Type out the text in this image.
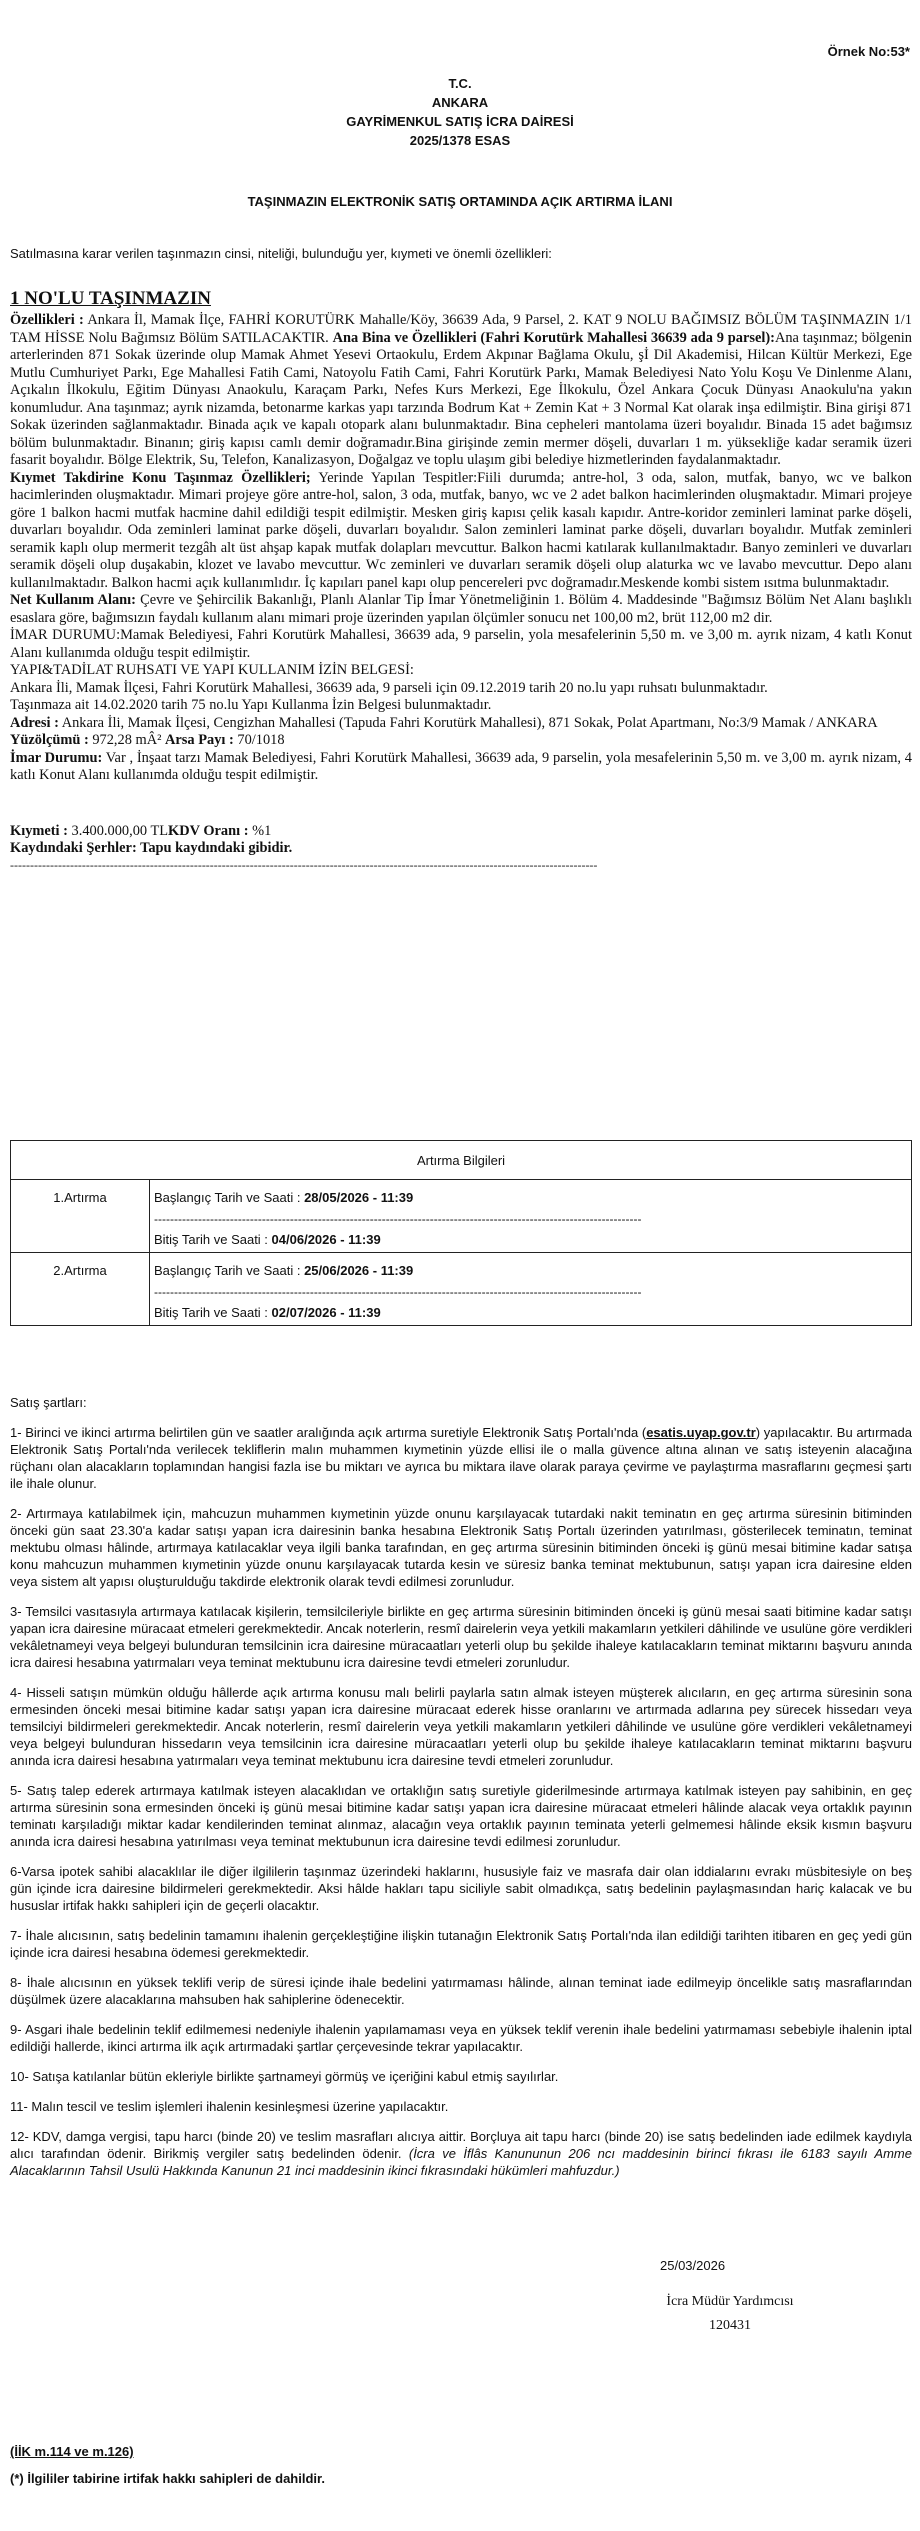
Örnek No:53*
T.C.
ANKARA
GAYRİMENKUL SATIŞ İCRA DAİRESİ
2025/1378 ESAS
TAŞINMAZIN ELEKTRONİK SATIŞ ORTAMINDA AÇIK ARTIRMA İLANI
Satılmasına karar verilen taşınmazın cinsi, niteliği, bulunduğu yer, kıymeti ve önemli özellikleri:
1 NO'LU TAŞINMAZIN

Özellikleri : Ankara İl, Mamak İlçe, FAHRİ KORUTÜRK Mahalle/Köy, 36639 Ada, 9 Parsel, 2. KAT 9 NOLU BAĞIMSIZ BÖLÜM TAŞINMAZIN 1/1 TAM HİSSE Nolu Bağımsız Bölüm SATILACAKTIR. Ana Bina ve Özellikleri (Fahri Korutürk Mahallesi 36639 ada 9 parsel):Ana taşınmaz; bölgenin arterlerinden 871 Sokak üzerinde olup Mamak Ahmet Yesevi Ortaokulu, Erdem Akpınar Bağlama Okulu, şİ Dil Akademisi, Hilcan Kültür Merkezi, Ege Mutlu Cumhuriyet Parkı, Ege Mahallesi Fatih Cami, Natoyolu Fatih Cami, Fahri Korutürk Parkı, Mamak Belediyesi Nato Yolu Koşu Ve Dinlenme Alanı, Açıkalın İlkokulu, Eğitim Dünyası Anaokulu, Karaçam Parkı, Nefes Kurs Merkezi, Ege İlkokulu, Özel Ankara Çocuk Dünyası Anaokulu'na yakın konumludur. Ana taşınmaz; ayrık nizamda, betonarme karkas yapı tarzında Bodrum Kat + Zemin Kat + 3 Normal Kat olarak inşa edilmiştir. Bina girişi 871 Sokak üzerinden sağlanmaktadır. Binada açık ve kapalı otopark alanı bulunmaktadır. Bina cepheleri mantolama üzeri boyalıdır. Binada 15 adet bağımsız bölüm bulunmaktadır. Binanın; giriş kapısı camlı demir doğramadır.Bina girişinde zemin mermer döşeli, duvarları 1 m. yüksekliğe kadar seramik üzeri fasarit boyalıdır. Bölge Elektrik, Su, Telefon, Kanalizasyon, Doğalgaz ve toplu ulaşım gibi belediye hizmetlerinden faydalanmaktadır.

Kıymet Takdirine Konu Taşınmaz Özellikleri; Yerinde Yapılan Tespitler:Fiili durumda; antre-hol, 3 oda, salon, mutfak, banyo, wc ve balkon hacimlerinden oluşmaktadır. Mimari projeye göre antre-hol, salon, 3 oda, mutfak, banyo, wc ve 2 adet balkon hacimlerinden oluşmaktadır. Mimari projeye göre 1 balkon hacmi mutfak hacmine dahil edildiği tespit edilmiştir. Mesken giriş kapısı çelik kasalı kapıdır. Antre-koridor zeminleri laminat parke döşeli, duvarları boyalıdır. Oda zeminleri laminat parke döşeli, duvarları boyalıdır. Salon zeminleri laminat parke döşeli, duvarları boyalıdır. Mutfak zeminleri seramik kaplı olup mermerit tezgâh alt üst ahşap kapak mutfak dolapları mevcuttur. Balkon hacmi katılarak kullanılmaktadır. Banyo zeminleri ve duvarları seramik döşeli olup duşakabin, klozet ve lavabo mevcuttur. Wc zeminleri ve duvarları seramik döşeli olup alaturka wc ve lavabo mevcuttur. Depo alanı kullanılmaktadır. Balkon hacmi açık kullanımlıdır. İç kapıları panel kapı olup pencereleri pvc doğramadır.Meskende kombi sistem ısıtma bulunmaktadır.

Net Kullanım Alanı: Çevre ve Şehircilik Bakanlığı, Planlı Alanlar Tip İmar Yönetmeliğinin 1. Bölüm 4. Maddesinde "Bağımsız Bölüm Net Alanı başlıklı esaslara göre, bağımsızın faydalı kullanım alanı mimari proje üzerinden yapılan ölçümler sonucu net 100,00 m2, brüt 112,00 m2 dir.

İMAR DURUMU:Mamak Belediyesi, Fahri Korutürk Mahallesi, 36639 ada, 9 parselin, yola mesafelerinin 5,50 m. ve 3,00 m. ayrık nizam, 4 katlı Konut Alanı kullanımda olduğu tespit edilmiştir.

YAPI&TADİLAT RUHSATI VE YAPI KULLANIM İZİN BELGESİ:

Ankara İli, Mamak İlçesi, Fahri Korutürk Mahallesi, 36639 ada, 9 parseli için 09.12.2019 tarih 20 no.lu yapı ruhsatı bulunmaktadır.

Taşınmaza ait 14.02.2020 tarih 75 no.lu Yapı Kullanma İzin Belgesi bulunmaktadır.

Adresi : Ankara İli, Mamak İlçesi, Cengizhan Mahallesi (Tapuda Fahri Korutürk Mahallesi), 871 Sokak, Polat Apartmanı, No:3/9 Mamak / ANKARA

Yüzölçümü : 972,28 mÂ² Arsa Payı : 70/1018

İmar Durumu: Var , İnşaat tarzı Mamak Belediyesi, Fahri Korutürk Mahallesi, 36639 ada, 9 parselin, yola mesafelerinin 5,50 m. ve 3,00 m. ayrık nizam, 4 katlı Konut Alanı kullanımda olduğu tespit edilmiştir.

Kıymeti : 3.400.000,00 TLKDV Oranı : %1

Kaydındaki Şerhler: Tapu kaydındaki gibidir.

---------------------------------------------------------------------------------------------------------------------------------------------------
Artırma Bilgileri	
1.Artırma	Başlangıç Tarih ve Saati : 28/05/2026 - 11:39
--------------------------------------------------------------------------------------------------------------------------
Bitiş Tarih ve Saati : 04/06/2026 - 11:39

2.Artırma	Başlangıç Tarih ve Saati : 25/06/2026 - 11:39
--------------------------------------------------------------------------------------------------------------------------
Bitiş Tarih ve Saati : 02/07/2026 - 11:39
Satış şartları:

1- Birinci ve ikinci artırma belirtilen gün ve saatler aralığında açık artırma suretiyle Elektronik Satış Portalı'nda (esatis.uyap.gov.tr) yapılacaktır. Bu artırmada Elektronik Satış Portalı'nda verilecek tekliflerin malın muhammen kıymetinin yüzde ellisi ile o malla güvence altına alınan ve satış isteyenin alacağına rüçhanı olan alacakların toplamından hangisi fazla ise bu miktarı ve ayrıca bu miktara ilave olarak paraya çevirme ve paylaştırma masraflarını geçmesi şartı ile ihale olunur.

2- Artırmaya katılabilmek için, mahcuzun muhammen kıymetinin yüzde onunu karşılayacak tutardaki nakit teminatın en geç artırma süresinin bitiminden önceki gün saat 23.30'a kadar satışı yapan icra dairesinin banka hesabına Elektronik Satış Portalı üzerinden yatırılması, gösterilecek teminatın, teminat mektubu olması hâlinde, artırmaya katılacaklar veya ilgili banka tarafından, en geç artırma süresinin bitiminden önceki iş günü mesai bitimine kadar satışa konu mahcuzun muhammen kıymetinin yüzde onunu karşılayacak tutarda kesin ve süresiz banka teminat mektubunun, satışı yapan icra dairesine elden veya sistem alt yapısı oluşturulduğu takdirde elektronik olarak tevdi edilmesi zorunludur.

3- Temsilci vasıtasıyla artırmaya katılacak kişilerin, temsilcileriyle birlikte en geç artırma süresinin bitiminden önceki iş günü mesai saati bitimine kadar satışı yapan icra dairesine müracaat etmeleri gerekmektedir. Ancak noterlerin, resmî dairelerin veya yetkili makamların yetkileri dâhilinde ve usulüne göre verdikleri vekâletnameyi veya belgeyi bulunduran temsilcinin icra dairesine müracaatları yeterli olup bu şekilde ihaleye katılacakların teminat miktarını başvuru anında icra dairesi hesabına yatırmaları veya teminat mektubunu icra dairesine tevdi etmeleri zorunludur.

4- Hisseli satışın mümkün olduğu hâllerde açık artırma konusu malı belirli paylarla satın almak isteyen müşterek alıcıların, en geç artırma süresinin sona ermesinden önceki mesai bitimine kadar satışı yapan icra dairesine müracaat ederek hisse oranlarını ve artırmada adlarına pey sürecek hissedarı veya temsilciyi bildirmeleri gerekmektedir. Ancak noterlerin, resmî dairelerin veya yetkili makamların yetkileri dâhilinde ve usulüne göre verdikleri vekâletnameyi veya belgeyi bulunduran hissedarın veya temsilcinin icra dairesine müracaatları yeterli olup bu şekilde ihaleye katılacakların teminat miktarını başvuru anında icra dairesi hesabına yatırmaları veya teminat mektubunu icra dairesine tevdi etmeleri zorunludur.

5- Satış talep ederek artırmaya katılmak isteyen alacaklıdan ve ortaklığın satış suretiyle giderilmesinde artırmaya katılmak isteyen pay sahibinin, en geç artırma süresinin sona ermesinden önceki iş günü mesai bitimine kadar satışı yapan icra dairesine müracaat etmeleri hâlinde alacak veya ortaklık payının teminatı karşıladığı miktar kadar kendilerinden teminat alınmaz, alacağın veya ortaklık payının teminata yeterli gelmemesi hâlinde eksik kısmın başvuru anında icra dairesi hesabına yatırılması veya teminat mektubunun icra dairesine tevdi edilmesi zorunludur.

6-Varsa ipotek sahibi alacaklılar ile diğer ilgililerin taşınmaz üzerindeki haklarını, hususiyle faiz ve masrafa dair olan iddialarını evrakı müsbitesiyle on beş gün içinde icra dairesine bildirmeleri gerekmektedir. Aksi hâlde hakları tapu siciliyle sabit olmadıkça, satış bedelinin paylaşmasından hariç kalacak ve bu hususlar irtifak hakkı sahipleri için de geçerli olacaktır.

7- İhale alıcısının, satış bedelinin tamamını ihalenin gerçekleştiğine ilişkin tutanağın Elektronik Satış Portalı'nda ilan edildiği tarihten itibaren en geç yedi gün içinde icra dairesi hesabına ödemesi gerekmektedir.

8- İhale alıcısının en yüksek teklifi verip de süresi içinde ihale bedelini yatırmaması hâlinde, alınan teminat iade edilmeyip öncelikle satış masraflarından düşülmek üzere alacaklarına mahsuben hak sahiplerine ödenecektir.

9- Asgari ihale bedelinin teklif edilmemesi nedeniyle ihalenin yapılamaması veya en yüksek teklif verenin ihale bedelini yatırmaması sebebiyle ihalenin iptal edildiği hallerde, ikinci artırma ilk açık artırmadaki şartlar çerçevesinde tekrar yapılacaktır.

10- Satışa katılanlar bütün ekleriyle birlikte şartnameyi görmüş ve içeriğini kabul etmiş sayılırlar.

11- Malın tescil ve teslim işlemleri ihalenin kesinleşmesi üzerine yapılacaktır.

12- KDV, damga vergisi, tapu harcı (binde 20) ve teslim masrafları alıcıya aittir. Borçluya ait tapu harcı (binde 20) ise satış bedelinden iade edilmek kaydıyla alıcı tarafından ödenir. Birikmiş vergiler satış bedelinden ödenir. (İcra ve İflâs Kanununun 206 ncı maddesinin birinci fıkrası ile 6183 sayılı Amme Alacaklarının Tahsil Usulü Hakkında Kanunun 21 inci maddesinin ikinci fıkrasındaki hükümleri mahfuzdur.)

25/03/2026
İcra Müdür Yardımcısı
120431
(İİK m.114 ve m.126)
(*) İlgililer tabirine irtifak hakkı sahipleri de dahildir.
